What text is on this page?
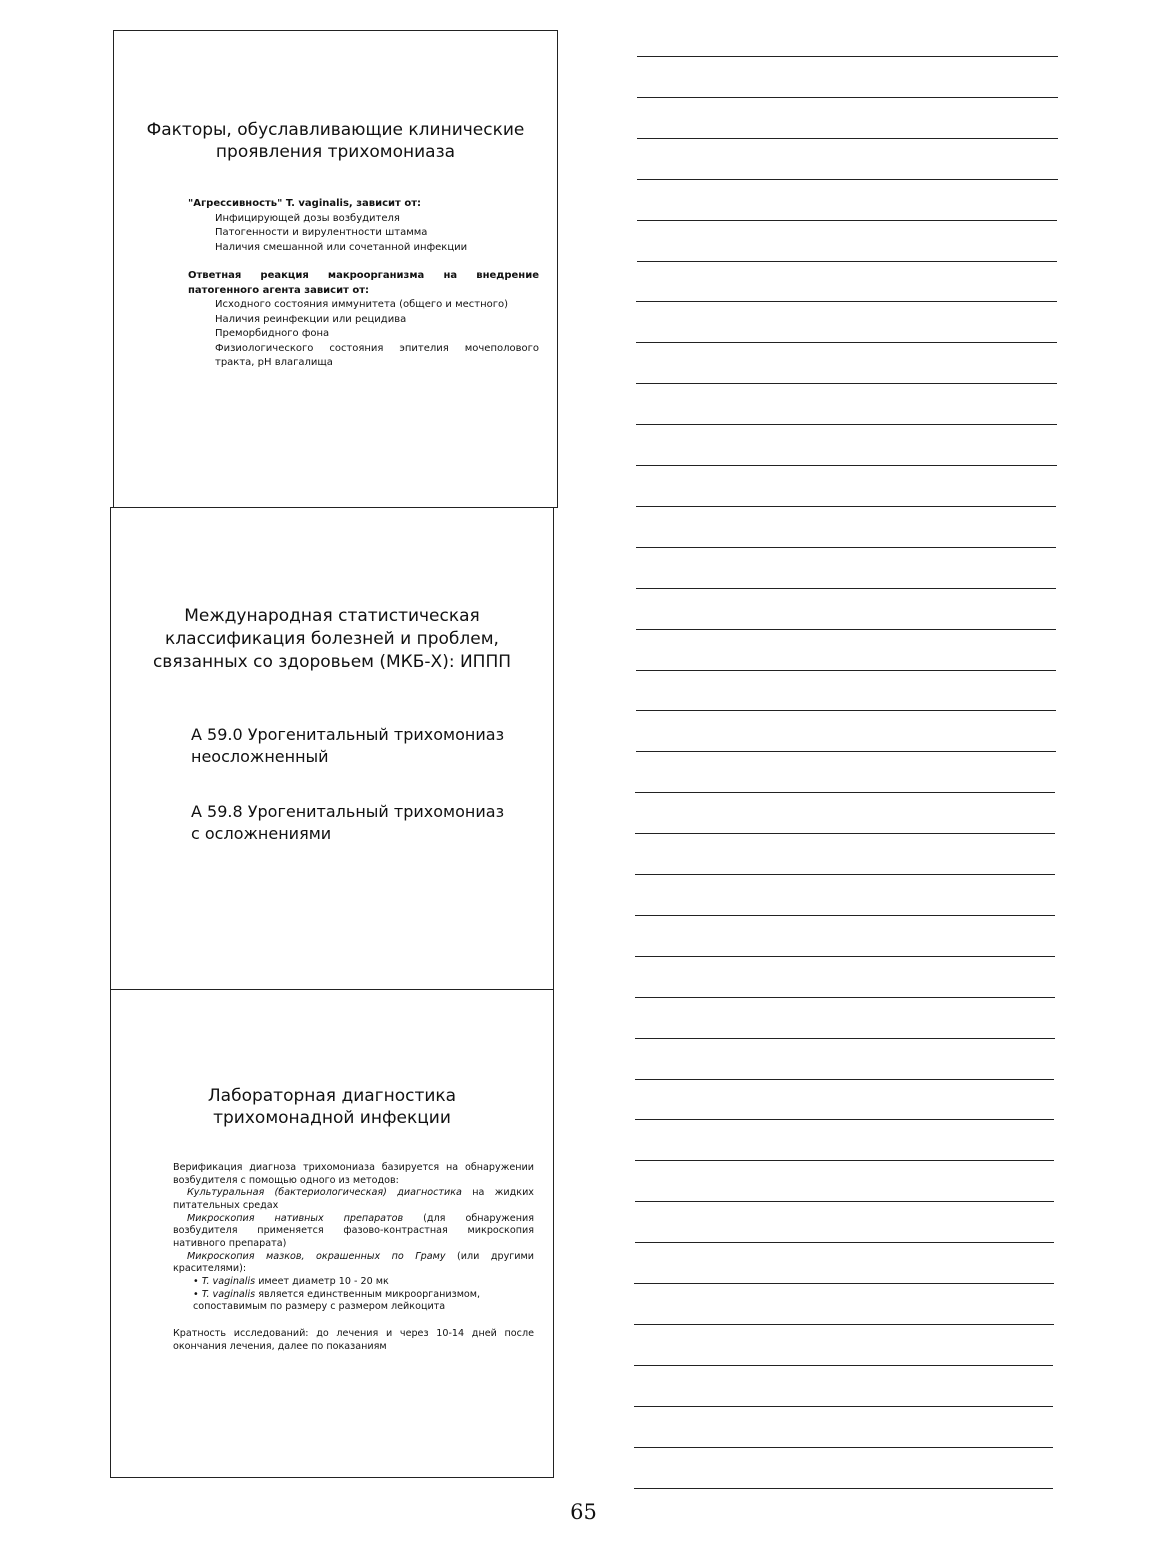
Факторы, обуславливающие клинические
проявления трихомониаза
"Агрессивность" T. vaginalis, зависит от:
Инфицирующей дозы возбудителя
Патогенности и вирулентности штамма
Наличия смешанной или сочетанной инфекции
Ответная реакция макроорганизма на внедрение
патогенного агента зависит от:
Исходного состояния иммунитета (общего и местного)
Наличия реинфекции или рецидива
Преморбидного фона
Физиологического состояния эпителия мочеполового
тракта, pH влагалища
Международная статистическая
классификация болезней и проблем,
связанных со здоровьем (МКБ-X): ИППП
А 59.0 Урогенитальный трихомониаз
неосложненный
А 59.8 Урогенитальный трихомониаз
с осложнениями
Лабораторная диагностика
трихомонадной инфекции
Верификация диагноза трихомониаза базируется на обнаружении
возбудителя с помощью одного из методов:
Культуральная (бактериологическая) диагностика на жидких
питательных средах
Микроскопия нативных препаратов (для обнаружения
возбудителя применяется фазово-контрастная микроскопия
нативного препарата)
Микроскопия мазков, окрашенных по Граму (или другими
красителями):
• T. vaginalis имеет диаметр 10 - 20 мк
• T. vaginalis является единственным микроорганизмом,
сопоставимым по размеру с размером лейкоцита
Кратность исследований: до лечения и через 10-14 дней после
окончания лечения, далее по показаниям
65
